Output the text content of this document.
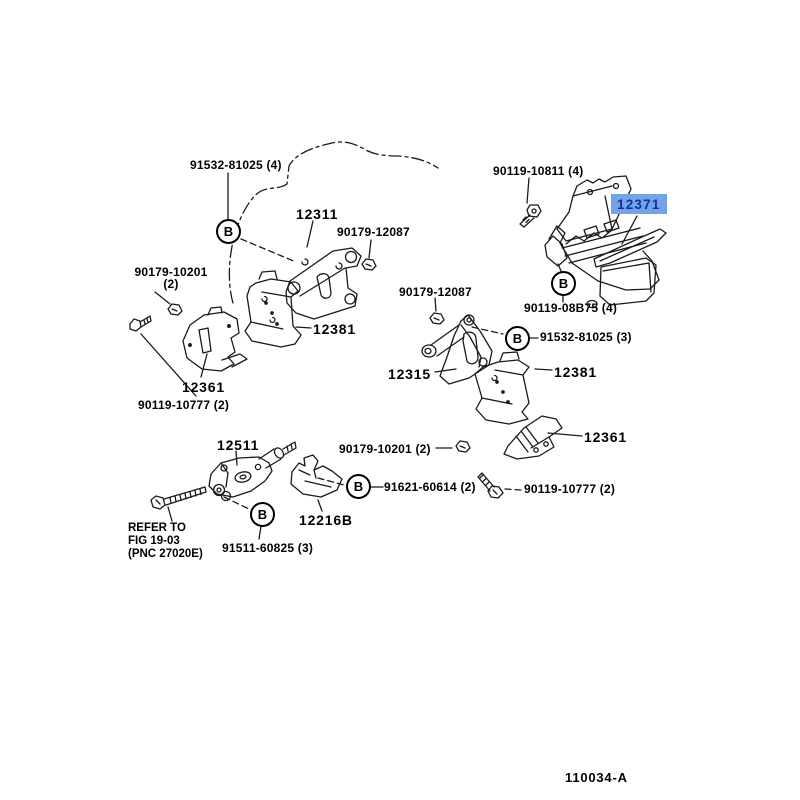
91532-81025 (4)
12311
90179-12087
90179-12087
90179-10201
(2)
90119-10811 (4)
12371
90119-08B75 (4)
91532-81025 (3)
12315	12381
12381
12361
90119-10777 (2)
12511	90179-10201 (2)
91621-60614 (2)	90119-10777 (2)
12216B
91511-60825 (3)
12361
REFER TO
FIG 19-03
(PNC 27020E)
B
B
B
B
B
110034-A
